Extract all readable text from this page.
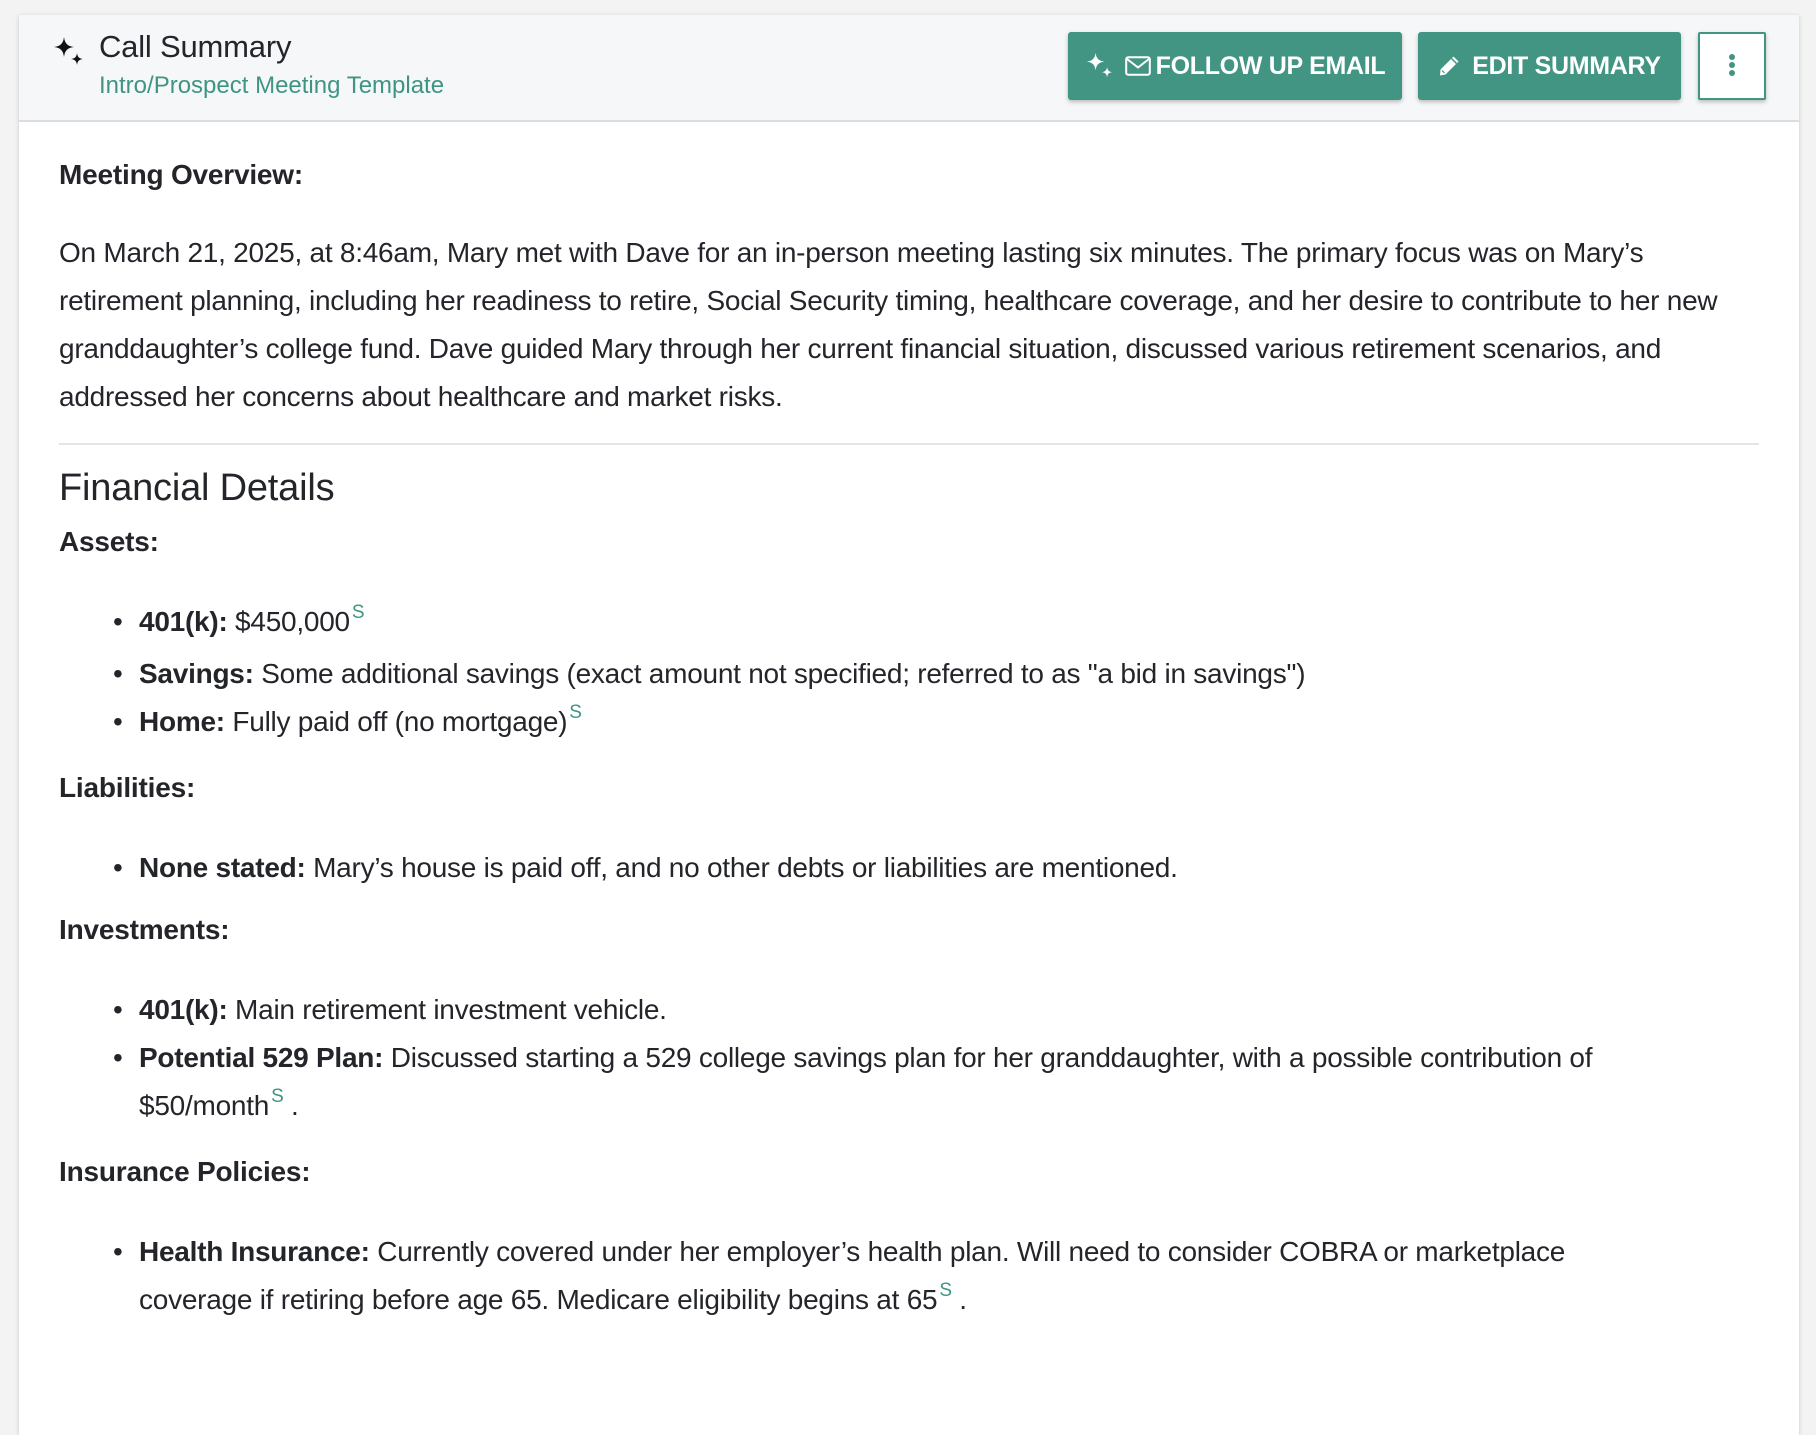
Call Summary
Intro/Prospect Meeting Template
FOLLOW UP EMAIL	EDIT SUMMARY

Meeting Overview:

On March 21, 2025, at 8:46am, Mary met with Dave for an in-person meeting lasting six minutes. The primary focus was on Mary’s retirement planning, including her readiness to retire, Social Security timing, healthcare coverage, and her desire to contribute to her new granddaughter’s college fund. Dave guided Mary through her current financial situation, discussed various retirement scenarios, and addressed her concerns about healthcare and market risks.

Financial Details

Assets:

• 401(k): $450,000 $^S$
• Savings: Some additional savings (exact amount not specified; referred to as "a bid in savings")
• Home: Fully paid off (no mortgage) $^S$

Liabilities:

• None stated: Mary’s house is paid off, and no other debts or liabilities are mentioned.

Investments:

• 401(k): Main retirement investment vehicle.
• Potential 529 Plan: Discussed starting a 529 college savings plan for her granddaughter, with a possible contribution of $50/month $^S$ .

Insurance Policies:

• Health Insurance: Currently covered under her employer’s health plan. Will need to consider COBRA or marketplace coverage if retiring before age 65. Medicare eligibility begins at 65 $^S$ .
